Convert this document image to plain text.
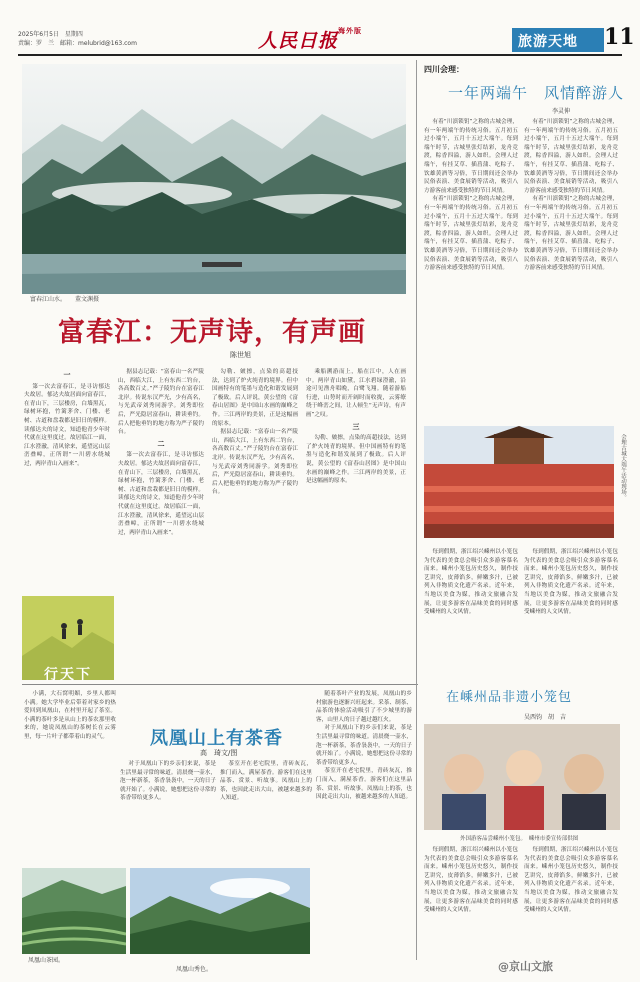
2025年6月5日　星期四
责编：罗　兰　邮箱：melubrid@163.com	人民日报$^{海外版}$
旅游天地	11
富春江山水。　　董文渊摄
富春江：无声诗，有声画
陈世旭
一

第一次去富春江，是寻访郁达夫故居。郁达夫故居面向富春江，在青山下，三层楼房，白墙黑瓦，绿树环抱，竹篱茅舍、门楼、老树、古道和盘栽都是旧日的模样。读郁达夫的诗文，知道他青少年时代就在这里度过。故居临江一面，江水澄澈，清风徐来，遥望远山层峦叠嶂，正所谓“一川碧水绕城过，两岸青山入画来”。

据县志记载：“富春山一名严陵山，西临大江，上有东西二钓台，各高数百丈。”严子陵钓台在富春江北岸。传说东汉严光，少有高名，与光武帝刘秀同游学。刘秀即位后，严光隐居富春山，耕读垂钓。后人把他垂钓的地方称为严子陵钓台。

二

第一次去富春江，是寻访郁达夫故居。郁达夫故居面向富春江，在青山下，三层楼房，白墙黑瓦，绿树环抱，竹篱茅舍、门楼、老树、古道和盘栽都是旧日的模样。读郁达夫的诗文，知道他青少年时代就在这里度过。故居临江一面，江水澄澈，清风徐来，遥望远山层峦叠嶂，正所谓“一川碧水绕城过，两岸青山入画来”。

勾勒、皴擦，点染的高超技法，达到了炉火纯青的境界。但中国画特有的笔墨与造化和谐发展到了极致。后人评说，黄公望的《富春山居图》是中国山水画的巅峰之作。三江两岸的美景，正是这幅画的原本。

据县志记载：“富春山一名严陵山，西临大江，上有东西二钓台，各高数百丈。”严子陵钓台在富春江北岸。传说东汉严光，少有高名，与光武帝刘秀同游学。刘秀即位后，严光隐居富春山，耕读垂钓。后人把他垂钓的地方称为严子陵钓台。

乘船溯游而上，船在江中，人在画中。两岸青山如黛，江水碧绿澄澈，沿途可见渔舟唱晚，白鹭飞翔。随着游船行进，山势时而开阔时而收拢，云雾缭绕于峰峦之间，让人顿生“无声诗，有声画”之叹。

三

勾勒、皴擦，点染的高超技法，达到了炉火纯青的境界。但中国画特有的笔墨与造化和谐发展到了极致。后人评说，黄公望的《富春山居图》是中国山水画的巅峰之作。三江两岸的美景，正是这幅画的原本。

行天下

小满，大石窝明媚，乡里人都叫小满。她大学毕业后带着对家乡的热爱回到凤凰山，在村里开起了茶室。小满的茶叶多是从山上的茶农那里收来的，她说凤凰山的茶树长在云雾里，每一片叶子都带着山的灵气。	凤凰山上有茶香
高　琦文/图

对于凤凰山下的乡亲们来说，茶是生活里最寻常的味道。清晨烧一壶水，泡一杯新茶，茶香袅袅中，一天的日子就开始了。小满说，她想把这份寻常的茶香带给更多人。

茶室开在老宅院里，青砖灰瓦，推门而入，满屋茶香。游客们在这里品茶、赏景、听故事。凤凰山上的茶，也因此走出大山，被越来越多的人知道。

随着茶叶产业的发展，凤凰山的乡村旅游也逐渐兴旺起来。采茶、制茶、品茶的体验活动吸引了不少城里的游客，山里人的日子越过越红火。

对于凤凰山下的乡亲们来说，茶是生活里最寻常的味道。清晨烧一壶水，泡一杯新茶，茶香袅袅中，一天的日子就开始了。小满说，她想把这份寻常的茶香带给更多人。

茶室开在老宅院里，青砖灰瓦，推门而入，满屋茶香。游客们在这里品茶、赏景、听故事。凤凰山上的茶，也因此走出大山，被越来越多的人知道。

凤凰山茶园。
凤凰山秀色。
四川会理：
一年两端午　风情醉游人
李灵伸

有着“川滇锁钥”之称的古城会理，有一年两端午的传统习俗。五月初五过小端午，五月十五过大端午。每到端午时节，古城里张灯结彩，龙舟竞渡，粽香四溢，游人如织。会理人过端午，有挂艾草、插菖蒲、吃粽子、饮雄黄酒等习俗，节日期间还会举办民俗表演、美食展销等活动，吸引八方游客前来感受独特的节日风情。

有着“川滇锁钥”之称的古城会理，有一年两端午的传统习俗。五月初五过小端午，五月十五过大端午。每到端午时节，古城里张灯结彩，龙舟竞渡，粽香四溢，游人如织。会理人过端午，有挂艾草、插菖蒲、吃粽子、饮雄黄酒等习俗，节日期间还会举办民俗表演、美食展销等活动，吸引八方游客前来感受独特的节日风情。

有着“川滇锁钥”之称的古城会理，有一年两端午的传统习俗。五月初五过小端午，五月十五过大端午。每到端午时节，古城里张灯结彩，龙舟竞渡，粽香四溢，游人如织。会理人过端午，有挂艾草、插菖蒲、吃粽子、饮雄黄酒等习俗，节日期间还会举办民俗表演、美食展销等活动，吸引八方游客前来感受独特的节日风情。

有着“川滇锁钥”之称的古城会理，有一年两端午的传统习俗。五月初五过小端午，五月十五过大端午。每到端午时节，古城里张灯结彩，龙舟竞渡，粽香四溢，游人如织。会理人过端午，有挂艾草、插菖蒲、吃粽子、饮雄黄酒等习俗，节日期间还会举办民俗表演、美食展销等活动，吸引八方游客前来感受独特的节日风情。

会理古城大端午活动现场。

每到假期，浙江绍兴嵊州以小笼包为代表的美食总会吸引众多游客慕名而来。嵊州小笼包历史悠久，制作技艺讲究，皮薄馅多，鲜嫩多汁，已被列入非物质文化遗产名录。近年来，当地以美食为媒，推动文旅融合发展，让更多游客在品味美食的同时感受嵊州的人文风情。

每到假期，浙江绍兴嵊州以小笼包为代表的美食总会吸引众多游客慕名而来。嵊州小笼包历史悠久，制作技艺讲究，皮薄馅多，鲜嫩多汁，已被列入非物质文化遗产名录。近年来，当地以美食为媒，推动文旅融合发展，让更多游客在品味美食的同时感受嵊州的人文风情。

在嵊州品非遗小笼包
吴西钧　胡　吉
外国游客品尝嵊州小笼包。　嵊州市委宣传部供图

每到假期，浙江绍兴嵊州以小笼包为代表的美食总会吸引众多游客慕名而来。嵊州小笼包历史悠久，制作技艺讲究，皮薄馅多，鲜嫩多汁，已被列入非物质文化遗产名录。近年来，当地以美食为媒，推动文旅融合发展，让更多游客在品味美食的同时感受嵊州的人文风情。

每到假期，浙江绍兴嵊州以小笼包为代表的美食总会吸引众多游客慕名而来。嵊州小笼包历史悠久，制作技艺讲究，皮薄馅多，鲜嫩多汁，已被列入非物质文化遗产名录。近年来，当地以美食为媒，推动文旅融合发展，让更多游客在品味美食的同时感受嵊州的人文风情。

@京山文旅
